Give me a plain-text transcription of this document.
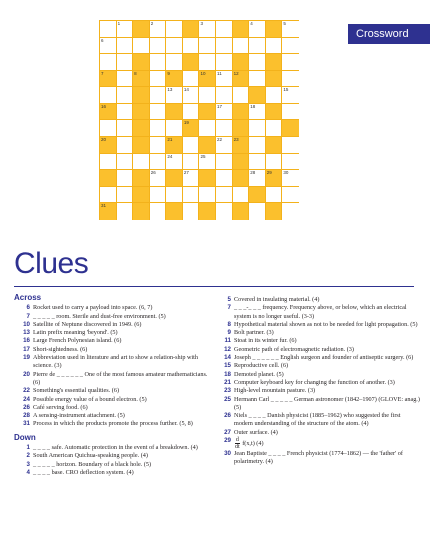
Crossword
1	2	3	4	5
6
7	8	9	10	11	12
13	14	15
16	17	18
19
20	21	22	23
24	25
26	27	28	29	30
31
Clues
Across
6 Rocket used to carry a payload into space. (6, 7)
7 _ _ _ _ _ room. Sterile and dust-free environment. (5)
10 Satellite of Neptune discovered in 1949. (6)
13 Latin prefix meaning 'beyond'. (5)
16 Large French Polynesian island. (6)
17 Short-sightedness. (6)
19 Abbreviation used in literature and art to show a relation-ship with science. (3)
20 Pierre de _ _ _ _ _ _ One of the most famous amateur mathematicians. (6)
22 Something's essential qualities. (6)
24 Possible energy value of a bound electron. (5)
26 Café serving food. (6)
28 A sensing-instrument attachment. (5)
31 Process in which the products promote the process further. (5, 8)
Down
1 _ _ _ _ safe. Automatic protection in the event of a breakdown. (4)
2 South American Quichua-speaking people. (4)
3 _ _ _ _ _ horizon. Boundary of a black hole. (5)
4 _ _ _ _ base. CRO deflection system. (4)
5 Covered in insulating material. (4)
7 _ _ _-_ _ _ frequency. Frequency above, or below, which an electrical system is no longer useful. (3-3)
8 Hypothetical material shown as not to be needed for light propagation. (5)
9 Bolt partner. (3)
11 Stoat in its winter fur. (6)
12 Geometric path of electromagnetic radiation. (3)
14 Joseph _ _ _ _ _ _ English surgeon and founder of antiseptic surgery. (6)
15 Reproductive cell. (6)
18 Demoted planet. (5)
21 Computer keyboard key for changing the function of another. (3)
23 High-level mountain pasture. (3)
25 Hermann Carl _ _ _ _ _ German astronomer (1842–1907) (GLOVE: anag.) (5)
26 Niels _ _ _ _ Danish physicist (1885–1962) who suggested the first modern understanding of the structure of the atom. (4)
27 Outer surface. (4)
$29 \frac{d}{dt} f(x,t)$ (4)
30 Jean Baptiste _ _ _ _ French physicist (1774–1862) — the 'father' of polarimetry. (4)
